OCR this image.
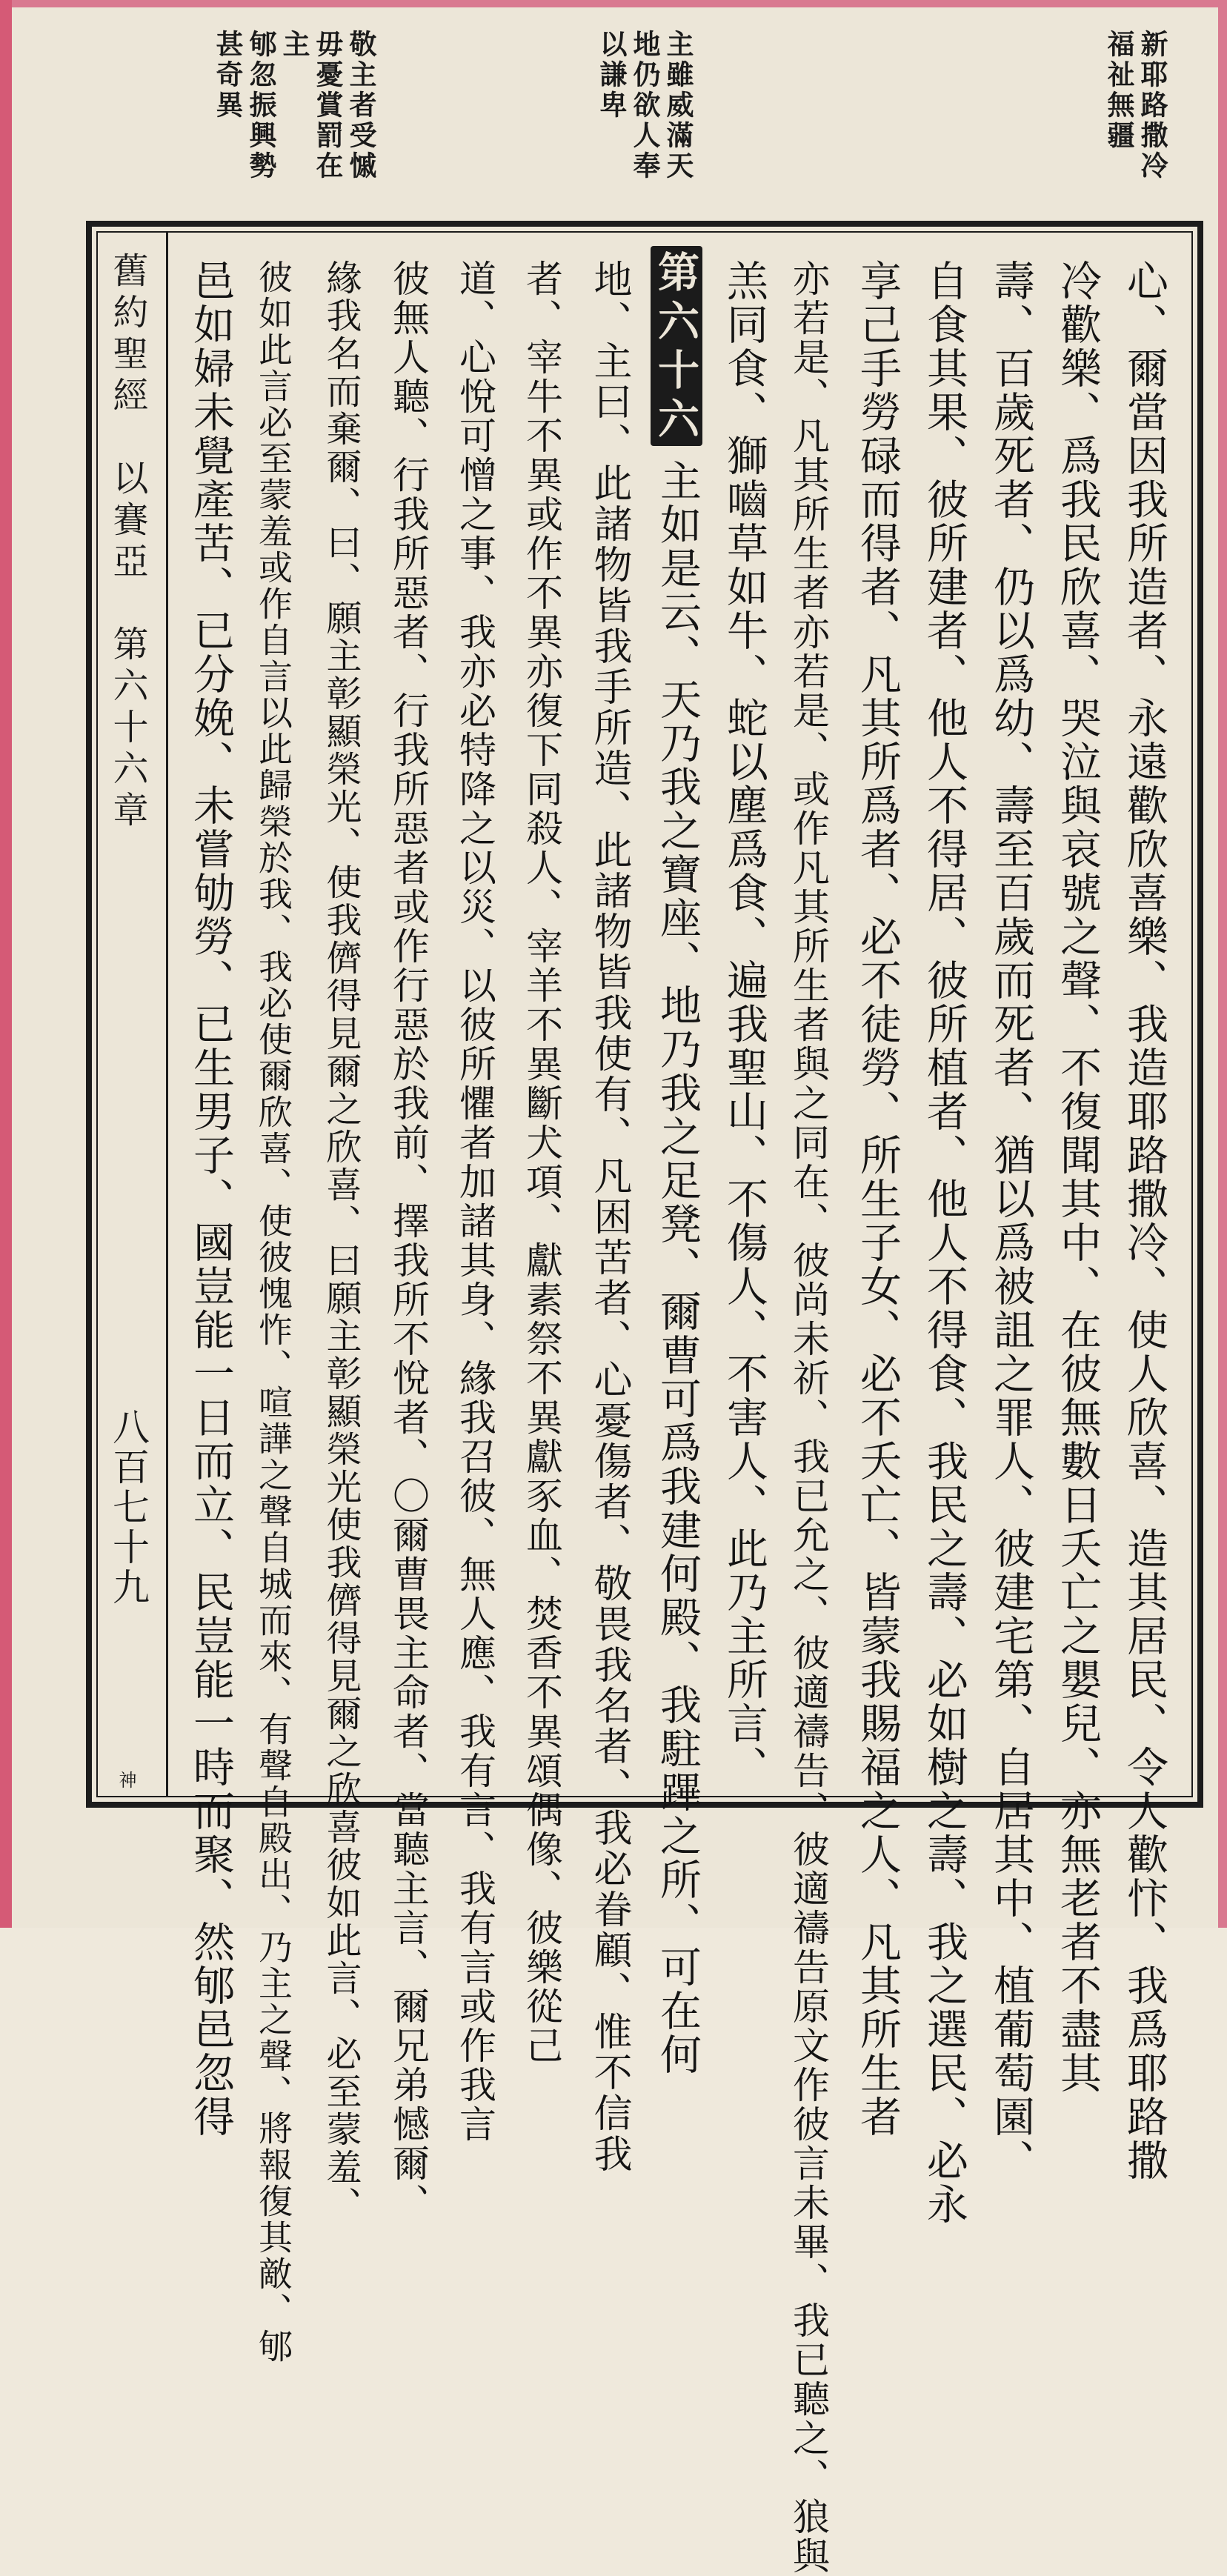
新耶路撒冷
福祉無疆
主雖威滿天
地仍欲人奉
以謙卑
敬主者受慽
毋憂賞罰在
主
郇忽振興勢
甚奇異
心、爾當因我所造者、永遠歡欣喜樂、我造耶路撒冷、使人欣喜、造其居民、令人歡忭、我爲耶路撒
冷歡樂、爲我民欣喜、哭泣與哀號之聲、不復聞其中、在彼無數日夭亡之嬰兒、亦無老者不盡其
壽、百歲死者、仍以爲幼、壽至百歲而死者、猶以爲被詛之罪人、彼建宅第、自居其中、植葡萄園、
自食其果、彼所建者、他人不得居、彼所植者、他人不得食、我民之壽、必如樹之壽、我之選民、必永
享己手勞碌而得者、凡其所爲者、必不徒勞、所生子女、必不夭亡、皆蒙我賜福之人、凡其所生者
亦若是、凡其所生者亦若是、或作凡其所生者與之同在、彼尚未祈、我已允之、彼適禱告、彼適禱告原文作彼言未畢、我已聽之、狼與
羔同食、獅嚙草如牛、蛇以塵爲食、遍我聖山、不傷人、不害人、此乃主所言、
第六十六章
主如是云、天乃我之寶座、地乃我之足凳、爾曹可爲我建何殿、我駐蹕之所、可在何
地、主曰、此諸物皆我手所造、此諸物皆我使有、凡困苦者、心憂傷者、敬畏我名者、我必眷顧、惟不信我
者、宰牛不異或作不異亦復下同殺人、宰羊不異斷犬項、獻素祭不異獻豕血、焚香不異頌偶像、彼樂從己
道、心悅可憎之事、我亦必特降之以災、以彼所懼者加諸其身、緣我召彼、無人應、我有言、我有言或作我言
彼無人聽、行我所惡者、行我所惡者或作行惡於我前、擇我所不悅者、〇爾曹畏主命者、當聽主言、爾兄弟憾爾、
緣我名而棄爾、曰、願主彰顯榮光、使我儕得見爾之欣喜、曰願主彰顯榮光使我儕得見爾之欣喜彼如此言、必至蒙羞、
彼如此言必至蒙羞或作自言以此歸榮於我、我必使爾欣喜、使彼愧怍、喧譁之聲自城而來、有聲自殿出、乃主之聲、將報復其敵、郇
邑如婦未覺產苦、已分娩、未嘗劬勞、已生男子、國豈能一日而立、民豈能一時而聚、然郇邑忽得
舊約聖經　以賽亞　第六十六章
八百七十九
神
